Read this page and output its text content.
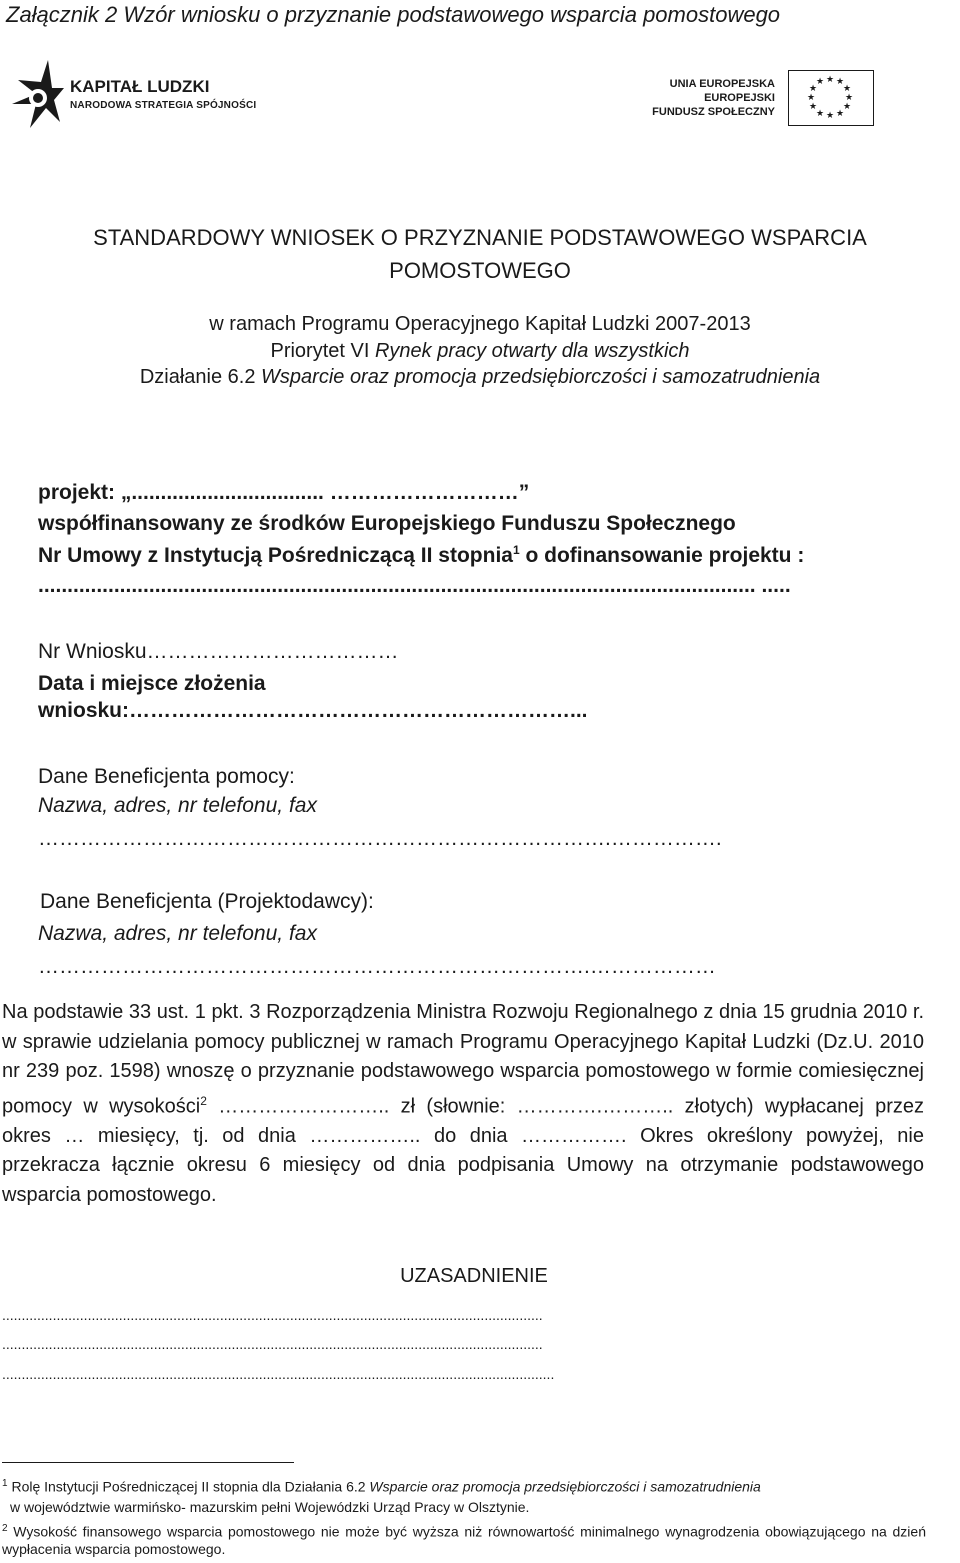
Załącznik 2 Wzór wniosku o przyznanie podstawowego wsparcia pomostowego
KAPITAŁ LUDZKI
NARODOWA STRATEGIA SPÓJNOŚCI
UNIA EUROPEJSKA
EUROPEJSKI
FUNDUSZ SPOŁECZNY
★ ★
★
★
★
★
★
★
★
★
★
★
STANDARDOWY WNIOSEK O PRZYZNANIE PODSTAWOWEGO WSPARCIA
POMOSTOWEGO
w ramach Programu Operacyjnego Kapitał Ludzki 2007-2013
Priorytet VI Rynek pracy otwarty dla wszystkich
Działanie 6.2 Wsparcie oraz promocja przedsiębiorczości i samozatrudnienia
projekt: „................................. ………………………”
współfinansowany ze środków Europejskiego Funduszu Społecznego
Nr Umowy z Instytucją Pośredniczącą II stopnia$^1$ o dofinansowanie projektu :
........................................................................................................................... .....
Nr Wniosku………………………………
Data i miejsce złożenia
wniosku:………………………………………………………...
Dane Beneficjenta pomocy:
Nazwa, adres, nr telefonu, fax
……………………………………………………………………….…………….
Dane Beneficjenta (Projektodawcy):
Nazwa, adres, nr telefonu, fax
…………………………………………………………………….………………
Na podstawie 33 ust. 1 pkt. 3 Rozporządzenia Ministra Rozwoju Regionalnego z dnia 15 grudnia 2010 r. w sprawie udzielania pomocy publicznej w ramach Programu Operacyjnego Kapitał Ludzki (Dz.U. 2010 nr 239 poz. 1598) wnoszę o przyznanie podstawowego wsparcia pomostowego w formie comiesięcznej pomocy w wysokości$^2$ …………………….. zł (słownie: ………….……….. złotych) wypłacanej przez okres … miesięcy, tj. od dnia …………….. do dnia ……………. Okres określony powyżej, nie przekracza łącznie okresu 6 miesięcy od dnia podpisania Umowy na otrzymanie podstawowego wsparcia pomostowego.
UZASADNIENIE
...........................................................................................................................................
...........................................................................................................................................
..............................................................................................................................................
$^1$ Rolę Instytucji Pośredniczącej II stopnia dla Działania 6.2 Wsparcie oraz promocja przedsiębiorczości i samozatrudnienia
w województwie warmińsko- mazurskim pełni Wojewódzki Urząd Pracy w Olsztynie.
$^2$ Wysokość finansowego wsparcia pomostowego nie może być wyższa niż równowartość minimalnego wynagrodzenia obowiązującego na dzień wypłacenia wsparcia pomostowego.
